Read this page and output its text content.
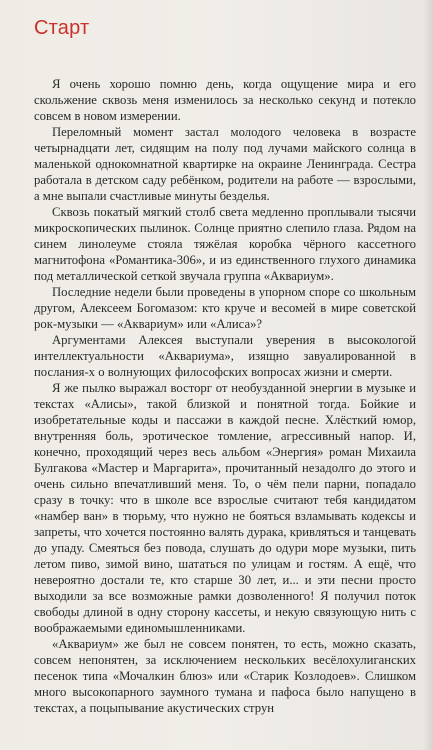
Старт

Я очень хорошо помню день, когда ощущение мира и его скольжение сквозь меня изменилось за несколько секунд и потекло совсем в новом измерении.

Переломный момент застал молодого человека в возрасте четырнадцати лет, сидящим на полу под лучами майского солнца в маленькой однокомнатной квартирке на окраине Ленинграда. Сестра работала в детском саду ребёнком, родители на работе — взрослыми, а мне выпали счастливые минуты безделья.

Сквозь покатый мягкий столб света медленно проплывали тысячи микроскопических пылинок. Солнце приятно слепило глаза. Рядом на синем линолеуме стояла тяжёлая коробка чёрного кассетного магнитофона «Романтика-306», и из единственного глухого динамика под металлической сеткой звучала группа «Аквариум».

Последние недели были проведены в упорном споре со школьным другом, Алексеем Богомазом: кто круче и весомей в мире советской рок-музыки — «Аквариум» или «Алиса»?

Аргументами Алексея выступали уверения в высокологой интеллектуальности «Аквариума», изящно завуалированной в послания-х о волнующих философских вопросах жизни и смерти.

Я же пылко выражал восторг от необузданной энергии в музыке и текстах «Алисы», такой близкой и понятной тогда. Бойкие и изобретательные коды и пассажи в каждой песне. Хлёсткий юмор, внутренняя боль, эротическое томление, агрессивный напор. И, конечно, проходящий через весь альбом «Энергия» роман Михаила Булгакова «Мастер и Маргарита», прочитанный незадолго до этого и очень сильно впечатливший меня. То, о чём пели парни, попадало сразу в точку: что в школе все взрослые считают тебя кандидатом «намбер ван» в тюрьму, что нужно не бояться взламывать кодексы и запреты, что хочется постоянно валять дурака, кривляться и танцевать до упаду. Смеяться без повода, слушать до одури море музыки, пить летом пиво, зимой вино, шататься по улицам и гостям. А ещё, что невероятно достали те, кто старше 30 лет, и... и эти песни просто выходили за все возможные рамки дозволенного! Я получил поток свободы длиной в одну сторону кассеты, и некую связующую нить с воображаемыми единомышленниками.

«Аквариум» же был не совсем понятен, то есть, можно сказать, совсем непонятен, за исключением нескольких весёлохулиганских песенок типа «Мочалкин блюз» или «Старик Козлодоев». Слишком много высокопарного заумного тумана и пафоса было напущено в текстах, а поцыпывание акустических струн
